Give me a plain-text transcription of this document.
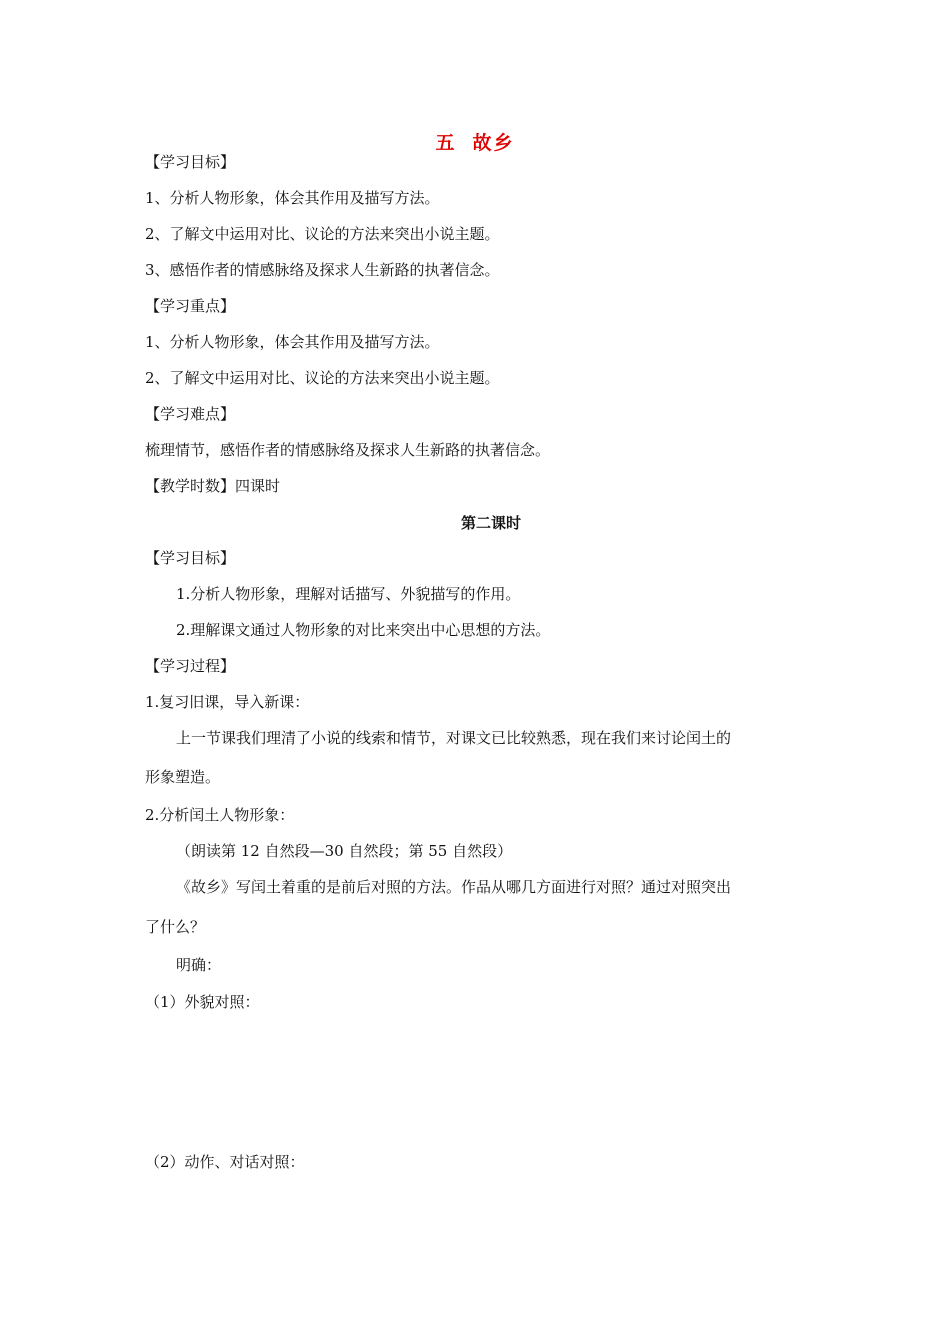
五 故乡
【学习目标】
1、分析人物形象，体会其作用及描写方法。
2、了解文中运用对比、议论的方法来突出小说主题。
3、感悟作者的情感脉络及探求人生新路的执著信念。
【学习重点】
1、分析人物形象，体会其作用及描写方法。
2、了解文中运用对比、议论的方法来突出小说主题。
【学习难点】
梳理情节，感悟作者的情感脉络及探求人生新路的执著信念。
【教学时数】四课时
第二课时
【学习目标】
1.分析人物形象，理解对话描写、外貌描写的作用。
2.理解课文通过人物形象的对比来突出中心思想的方法。
【学习过程】
1.复习旧课，导入新课：
上一节课我们理清了小说的线索和情节，对课文已比较熟悉，现在我们来讨论闰土的
形象塑造。
2.分析闰土人物形象：
（朗读第 12 自然段—30 自然段；第 55 自然段）
《故乡》写闰土着重的是前后对照的方法。作品从哪几方面进行对照？通过对照突出
了什么？
明确：
（1）外貌对照：
（2）动作、对话对照：
